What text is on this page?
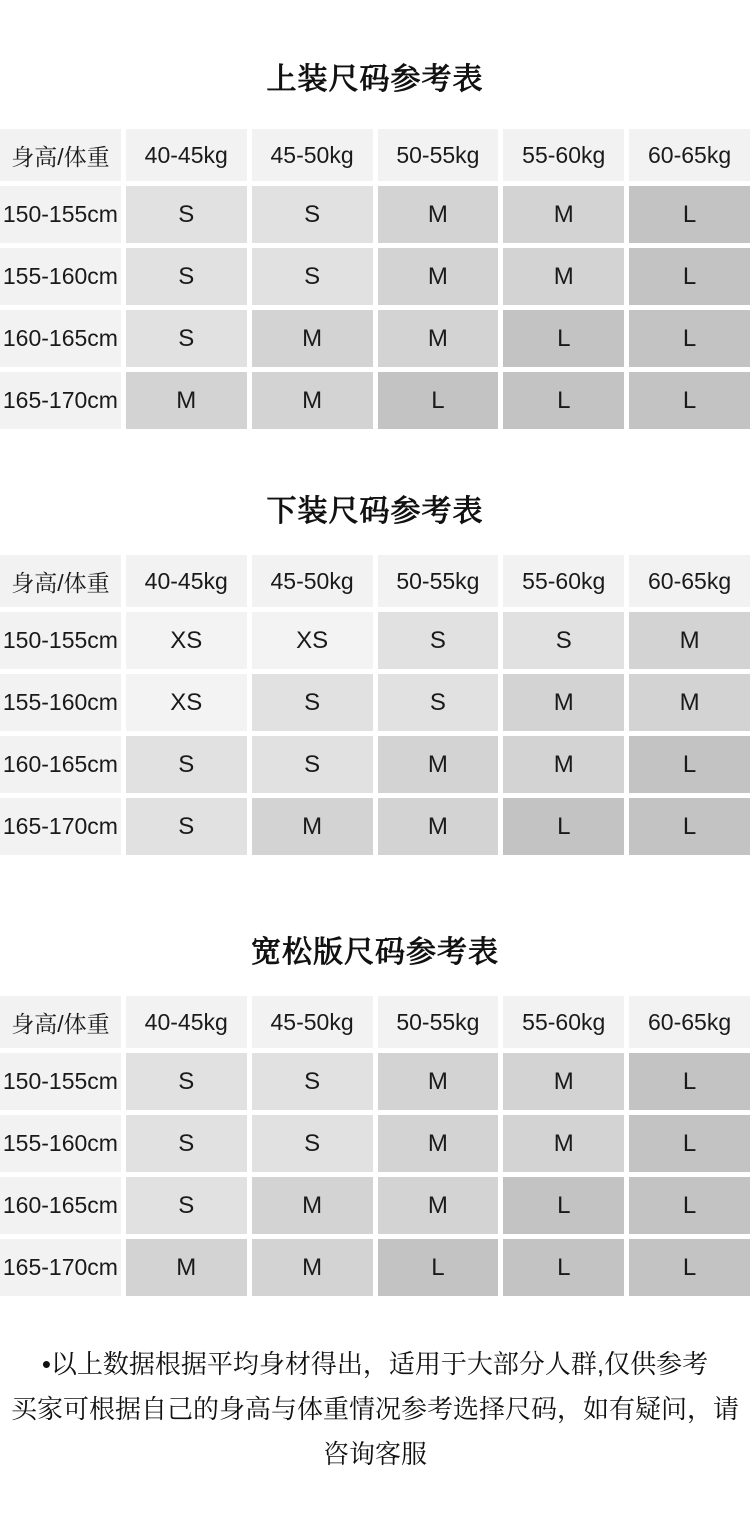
上装尺码参考表
身高/体重	40-45kg	45-50kg	50-55kg	55-60kg	60-65kg
150-155cm	S	S	M	M	L
155-160cm	S	S	M	M	L
160-165cm	S	M	M	L	L
165-170cm	M	M	L	L	L
下装尺码参考表
身高/体重	40-45kg	45-50kg	50-55kg	55-60kg	60-65kg
150-155cm	XS	XS	S	S	M
155-160cm	XS	S	S	M	M
160-165cm	S	S	M	M	L
165-170cm	S	M	M	L	L
宽松版尺码参考表
身高/体重	40-45kg	45-50kg	50-55kg	55-60kg	60-65kg
150-155cm	S	S	M	M	L
155-160cm	S	S	M	M	L
160-165cm	S	M	M	L	L
165-170cm	M	M	L	L	L

•以上数据根据平均身材得出，适用于大部分人群,仅供参考

买家可根据自己的身高与体重情况参考选择尺码，如有疑问，请咨询客服
